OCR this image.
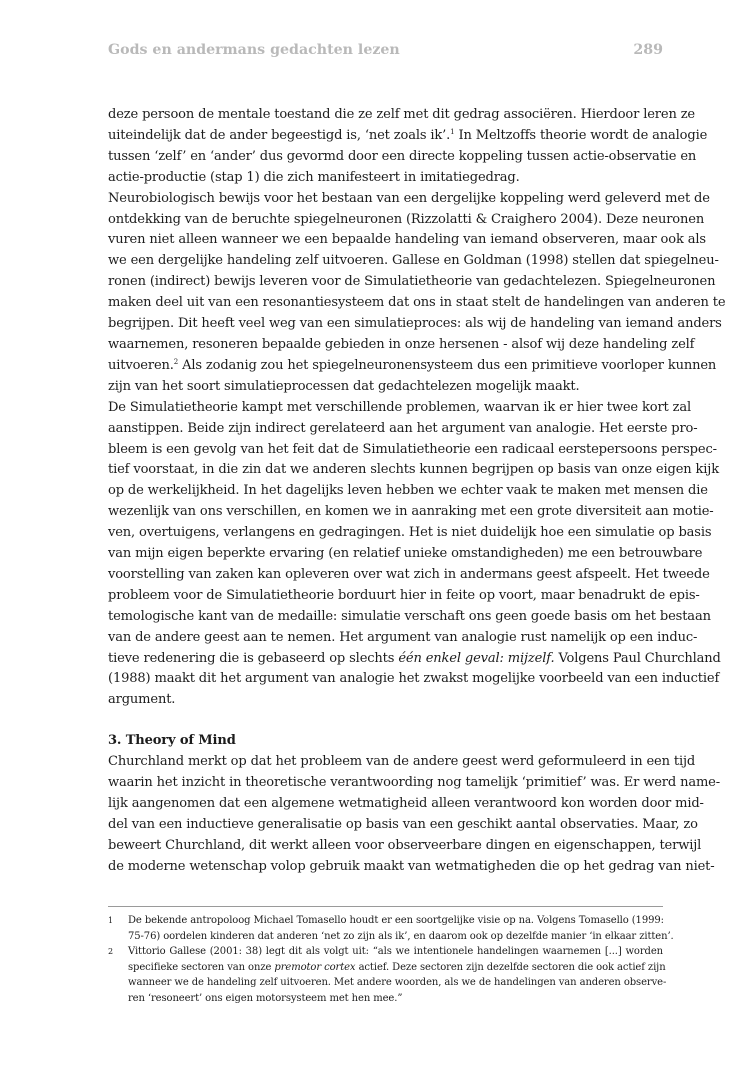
Gods en andermans gedachten lezen	289
deze persoon de mentale toestand die ze zelf met dit gedrag associëren. Hierdoor leren ze
uiteindelijk dat de ander begeestigd is, ‘net zoals ik’.$^1$ In Meltzoffs theorie wordt de analogie
tussen ‘zelf’ en ‘ander’ dus gevormd door een directe koppeling tussen actie-observatie en
actie-productie (stap 1) die zich manifesteert in imitatiegedrag.
Neurobiologisch bewijs voor het bestaan van een dergelijke koppeling werd geleverd met de
ontdekking van de beruchte spiegelneuronen (Rizzolatti & Craighero 2004). Deze neuronen
vuren niet alleen wanneer we een bepaalde handeling van iemand observeren, maar ook als
we een dergelijke handeling zelf uitvoeren. Gallese en Goldman (1998) stellen dat spiegelneu-
ronen (indirect) bewijs leveren voor de Simulatietheorie van gedachtelezen. Spiegelneuronen
maken deel uit van een resonantiesysteem dat ons in staat stelt de handelingen van anderen te
begrijpen. Dit heeft veel weg van een simulatieproces: als wij de handeling van iemand anders
waarnemen, resoneren bepaalde gebieden in onze hersenen - alsof wij deze handeling zelf
uitvoeren.$^2$ Als zodanig zou het spiegelneuronensysteem dus een primitieve voorloper kunnen
zijn van het soort simulatieprocessen dat gedachtelezen mogelijk maakt.
De Simulatietheorie kampt met verschillende problemen, waarvan ik er hier twee kort zal
aanstippen. Beide zijn indirect gerelateerd aan het argument van analogie. Het eerste pro-
bleem is een gevolg van het feit dat de Simulatietheorie een radicaal eerstepersoons perspec-
tief voorstaat, in die zin dat we anderen slechts kunnen begrijpen op basis van onze eigen kijk
op de werkelijkheid. In het dagelijks leven hebben we echter vaak te maken met mensen die
wezenlijk van ons verschillen, en komen we in aanraking met een grote diversiteit aan motie-
ven, overtuigens, verlangens en gedragingen. Het is niet duidelijk hoe een simulatie op basis
van mijn eigen beperkte ervaring (en relatief unieke omstandigheden) me een betrouwbare
voorstelling van zaken kan opleveren over wat zich in andermans geest afspeelt. Het tweede
probleem voor de Simulatietheorie borduurt hier in feite op voort, maar benadrukt de epis-
temologische kant van de medaille: simulatie verschaft ons geen goede basis om het bestaan
van de andere geest aan te nemen. Het argument van analogie rust namelijk op een induc-
tieve redenering die is gebaseerd op slechts één enkel geval: mijzelf. Volgens Paul Churchland
(1988) maakt dit het argument van analogie het zwakst mogelijke voorbeeld van een inductief
argument.
3. Theory of Mind
Churchland merkt op dat het probleem van de andere geest werd geformuleerd in een tijd
waarin het inzicht in theoretische verantwoording nog tamelijk ‘primitief’ was. Er werd name-
lijk aangenomen dat een algemene wetmatigheid alleen verantwoord kon worden door mid-
del van een inductieve generalisatie op basis van een geschikt aantal observaties. Maar, zo
beweert Churchland, dit werkt alleen voor observeerbare dingen en eigenschappen, terwijl
de moderne wetenschap volop gebruik maakt van wetmatigheden die op het gedrag van niet-
1 De bekende antropoloog Michael Tomasello houdt er een soortgelijke visie op na. Volgens Tomasello (1999:
75-76) oordelen kinderen dat anderen ‘net zo zijn als ik’, en daarom ook op dezelfde manier ‘in elkaar zitten’.
2 Vittorio Gallese (2001: 38) legt dit als volgt uit: “als we intentionele handelingen waarnemen [...] worden
specifieke sectoren van onze premotor cortex actief. Deze sectoren zijn dezelfde sectoren die ook actief zijn
wanneer we de handeling zelf uitvoeren. Met andere woorden, als we de handelingen van anderen observe-
ren ‘resoneert’ ons eigen motorsysteem met hen mee.”
